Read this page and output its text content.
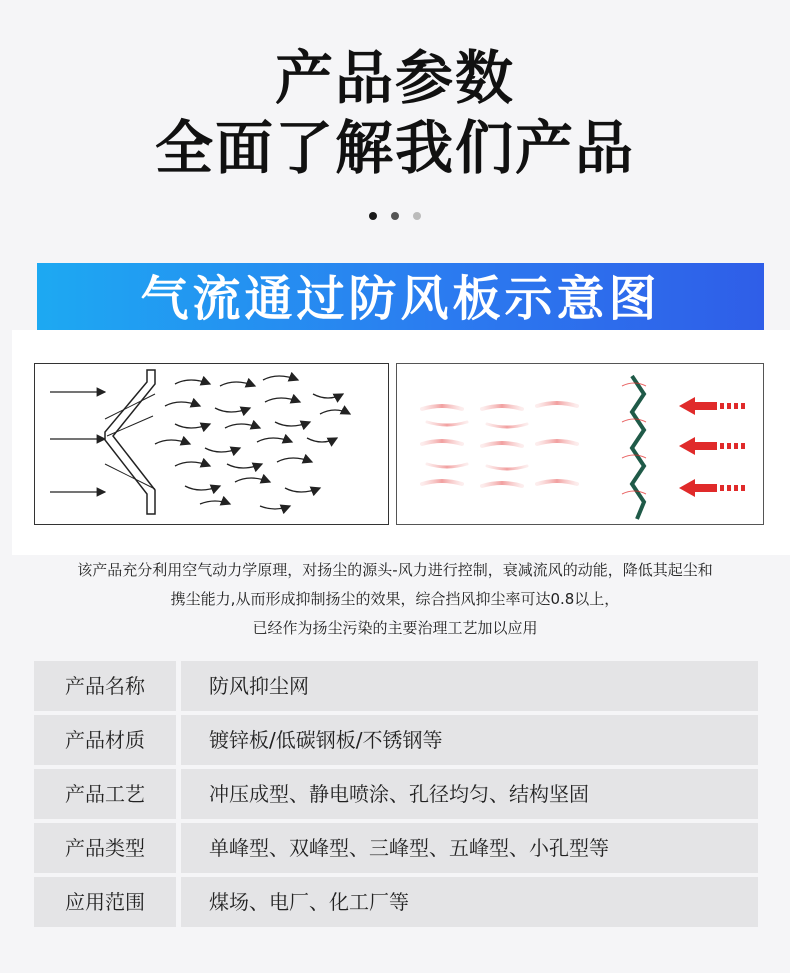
产品参数
全面了解我们产品

气流通过防风板示意图

该产品充分利用空气动力学原理，对扬尘的源头-风力进行控制，衰减流风的动能，降低其起尘和

携尘能力,从而形成抑制扬尘的效果，综合挡风抑尘率可达0.8以上，

已经作为扬尘污染的主要治理工艺加以应用

产品名称	防风抑尘网
产品材质	镀锌板/低碳钢板/不锈钢等
产品工艺	冲压成型、静电喷涂、孔径均匀、结构坚固
产品类型	单峰型、双峰型、三峰型、五峰型、小孔型等
应用范围	煤场、电厂、化工厂等
